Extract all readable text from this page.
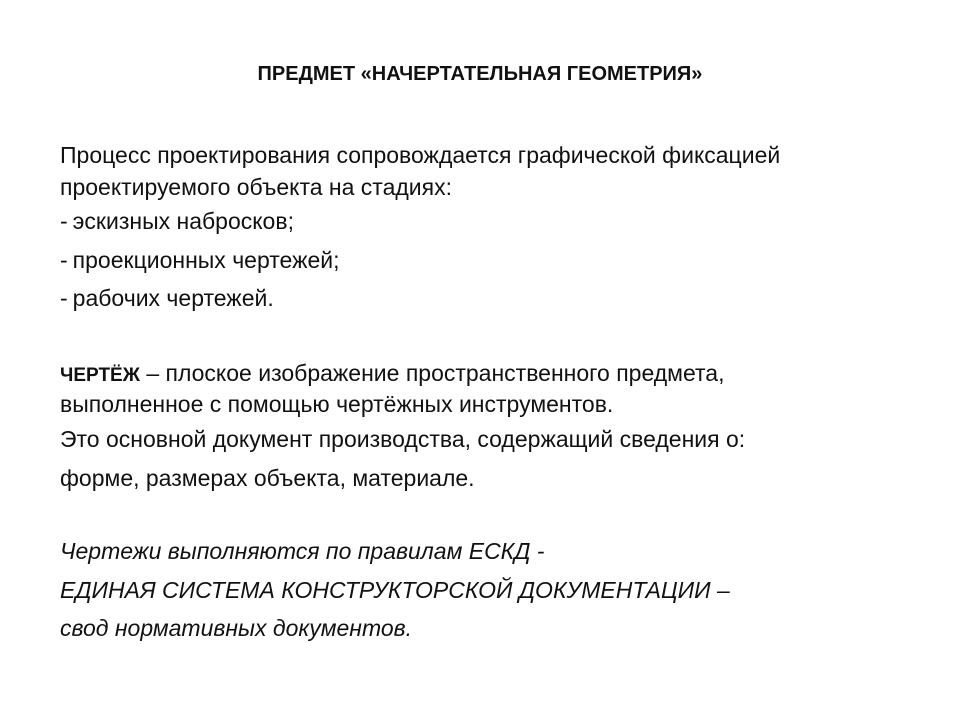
ПРЕДМЕТ «НАЧЕРТАТЕЛЬНАЯ ГЕОМЕТРИЯ»

Процесс проектирования сопровождается графической фиксацией

проектируемого объекта на стадиях:

- эскизных набросков;

- проекционных чертежей;

- рабочих чертежей.

ЧЕРТЁЖ – плоское изображение пространственного предмета,

выполненное с помощью чертёжных инструментов.

Это основной документ производства, содержащий сведения о:

форме, размерах объекта, материале.

Чертежи выполняются по правилам ЕСКД -

ЕДИНАЯ СИСТЕМА КОНСТРУКТОРСКОЙ ДОКУМЕНТАЦИИ –

свод нормативных документов.
